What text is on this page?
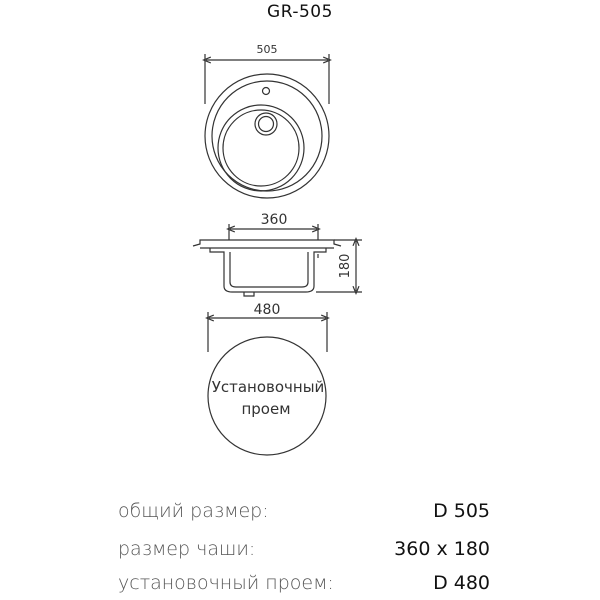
GR-505
505
360
180
480
Установочный
проем
общий размер:	D 505
размер чаши:	360 x 180
установочный проем:	D 480
